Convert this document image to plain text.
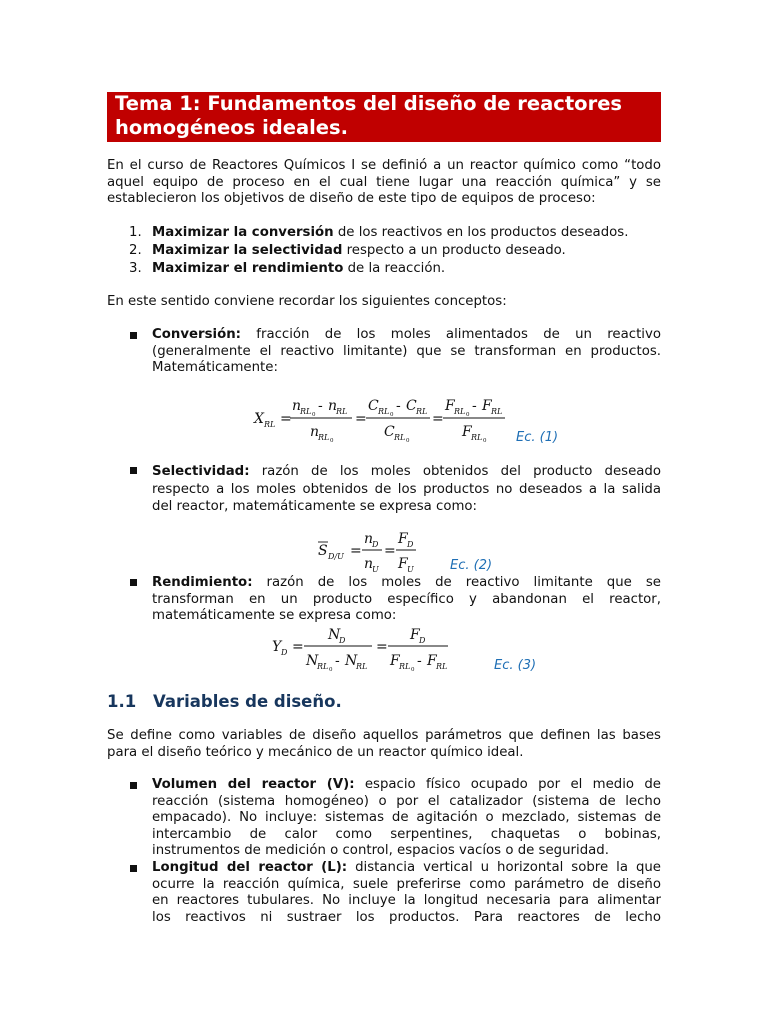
Tema 1: Fundamentos del diseño de reactores
homogéneos ideales.

En el curso de Reactores Químicos I se definió a un reactor químico como “todo
aquel equipo de proceso en el cual tiene lugar una reacción química” y se
establecieron los objetivos de diseño de este tipo de equipos de proceso:

1. Maximizar la conversión de los reactivos en los productos deseados.
2. Maximizar la selectividad respecto a un producto deseado.
3. Maximizar el rendimiento de la reacción.

En este sentido conviene recordar los siguientes conceptos:

Conversión: fracción de los moles alimentados de un reactivo
(generalmente el reactivo limitante) que se transforman en productos.
Matemáticamente:
X RL =
n
RL 0
- n
RL
n
RL 0
=
C RL 0
- C RL
C RL 0
=
F RL 0
- F RL
F RL 0 Ec. (1)
Selectividad: razón de los moles obtenidos del producto deseado
respecto a los moles obtenidos de los productos no deseados a la salida
del reactor, matemáticamente se expresa como:
S D/U =
n
D
n
U
=
F D
F U	Ec. (2)
Rendimiento: razón de los moles de reactivo limitante que se
transforman en un producto específico y abandonan el reactor,
matemáticamente se expresa como:
Y D =
N
D
N
RL 0
- N
RL
=
F D
F RL 0
- F RL	Ec. (3)
1.1 Variables de diseño.

Se define como variables de diseño aquellos parámetros que definen las bases
para el diseño teórico y mecánico de un reactor químico ideal.

Volumen del reactor (V): espacio físico ocupado por el medio de
reacción (sistema homogéneo) o por el catalizador (sistema de lecho
empacado). No incluye: sistemas de agitación o mezclado, sistemas de
intercambio de calor como serpentines, chaquetas o bobinas,
instrumentos de medición o control, espacios vacíos o de seguridad.
Longitud del reactor (L): distancia vertical u horizontal sobre la que
ocurre la reacción química, suele preferirse como parámetro de diseño
en reactores tubulares. No incluye la longitud necesaria para alimentar
los reactivos ni sustraer los productos. Para reactores de lecho
